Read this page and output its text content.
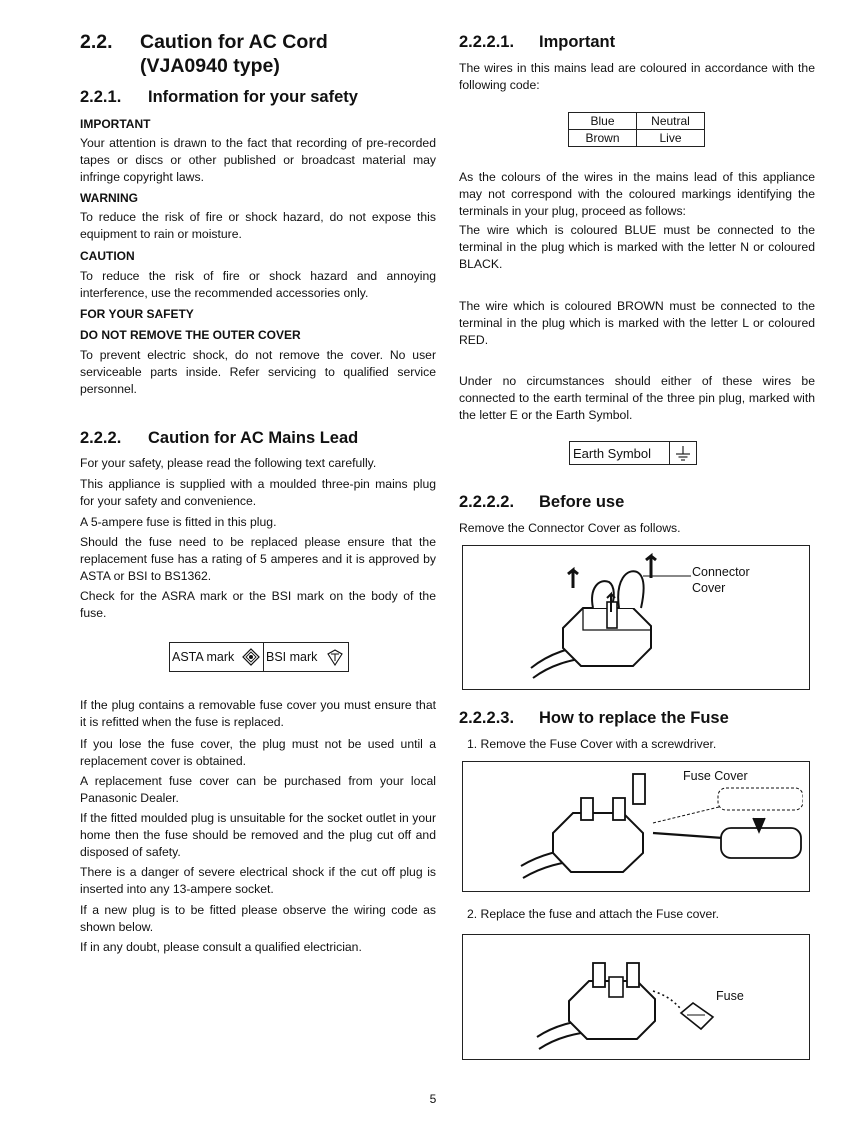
2.2. Caution for AC Cord
(VJA0940 type)
2.2.1. Information for your safety
IMPORTANT
Your attention is drawn to the fact that recording of pre-recorded tapes or discs or other published or broadcast material may infringe copyright laws.
WARNING
To reduce the risk of fire or shock hazard, do not expose this equipment to rain or moisture.
CAUTION
To reduce the risk of fire or shock hazard and annoying interference, use the recommended accessories only.
FOR YOUR SAFETY
DO NOT REMOVE THE OUTER COVER
To prevent electric shock, do not remove the cover. No user serviceable parts inside. Refer servicing to qualified service personnel.
2.2.2. Caution for AC Mains Lead
For your safety, please read the following text carefully.
This appliance is supplied with a moulded three-pin mains plug for your safety and convenience.
A 5-ampere fuse is fitted in this plug.
Should the fuse need to be replaced please ensure that the replacement fuse has a rating of 5 amperes and it is approved by ASTA or BSI to BS1362.
Check for the ASRA mark or the BSI mark on the body of the fuse.
ASTA mark	BSI mark
If the plug contains a removable fuse cover you must ensure that it is refitted when the fuse is replaced.
If you lose the fuse cover, the plug must not be used until a replacement cover is obtained.
A replacement fuse cover can be purchased from your local Panasonic Dealer.
If the fitted moulded plug is unsuitable for the socket outlet in your home then the fuse should be removed and the plug cut off and disposed of safety.
There is a danger of severe electrical shock if the cut off plug is inserted into any 13-ampere socket.
If a new plug is to be fitted please observe the wiring code as shown below.
If in any doubt, please consult a qualified electrician.
2.2.2.1. Important
The wires in this mains lead are coloured in accordance with the following code:
Blue	Neutral
Brown	Live
As the colours of the wires in the mains lead of this appliance may not correspond with the coloured markings identifying the terminals in your plug, proceed as follows:
The wire which is coloured BLUE must be connected to the terminal in the plug which is marked with the letter N or coloured BLACK.
The wire which is coloured BROWN must be connected to the terminal in the plug which is marked with the letter L or coloured RED.
Under no circumstances should either of these wires be connected to the earth terminal of the three pin plug, marked with the letter E or the Earth Symbol.
Earth Symbol
2.2.2.2. Before use
Remove the Connector Cover as follows.
Connector
Cover
2.2.2.3. How to replace the Fuse
1. Remove the Fuse Cover with a screwdriver.
Fuse Cover
2. Replace the fuse and attach the Fuse cover.
Fuse
5
